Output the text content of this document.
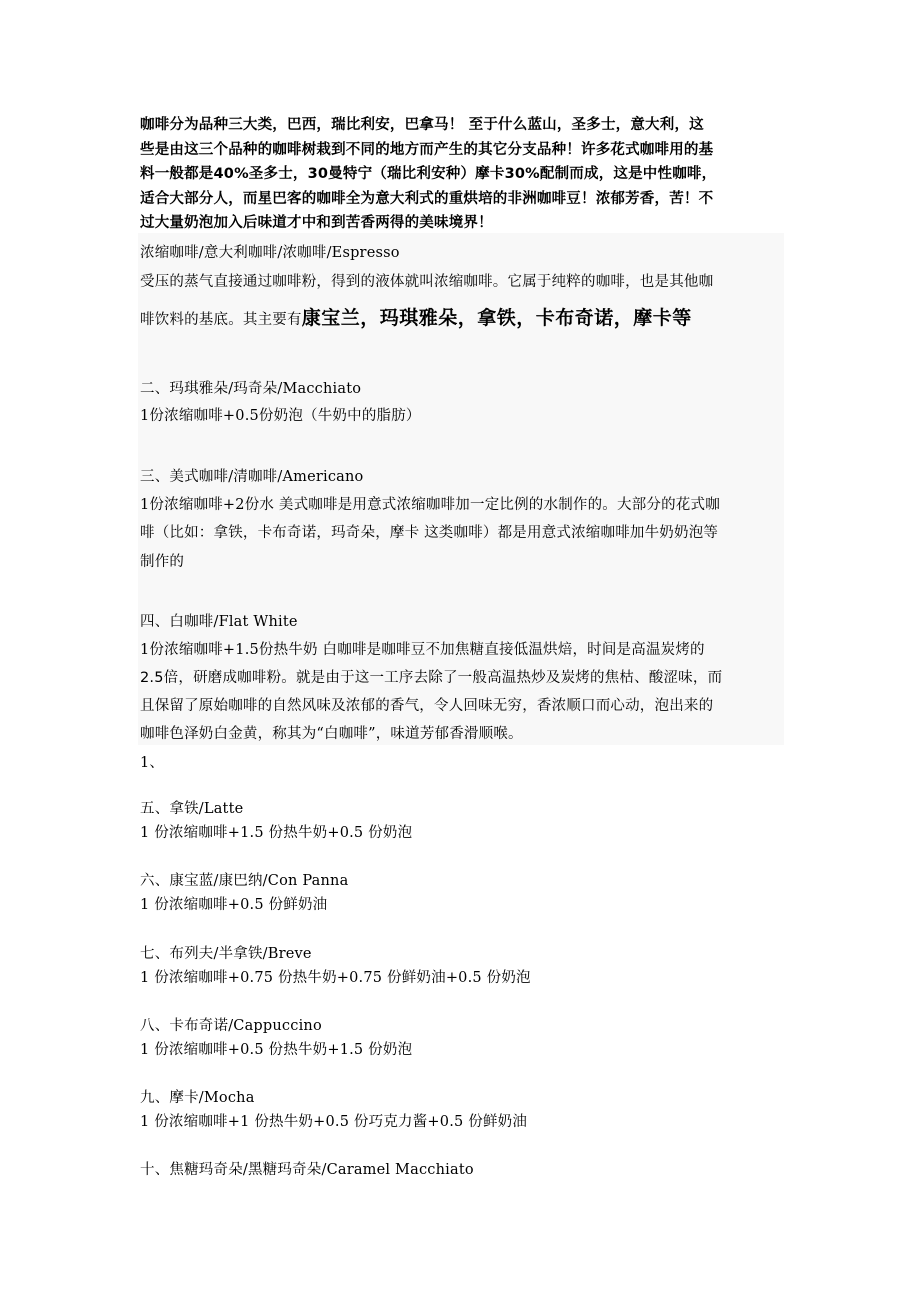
咖啡分为品种三大类，巴西，瑞比利安，巴拿马！ 至于什么蓝山，圣多士，意大利，这

些是由这三个品种的咖啡树栽到不同的地方而产生的其它分支品种！许多花式咖啡用的基

料一般都是40%圣多士，30曼特宁（瑞比利安种）摩卡30%配制而成，这是中性咖啡，

适合大部分人，而星巴客的咖啡全为意大利式的重烘培的非洲咖啡豆！浓郁芳香，苦！不

过大量奶泡加入后味道才中和到苦香两得的美味境界！

浓缩咖啡/意大利咖啡/浓咖啡/Espresso
受压的蒸气直接通过咖啡粉，得到的液体就叫浓缩咖啡。它属于纯粹的咖啡，也是其他咖
啡饮料的基底。其主要有康宝兰，玛琪雅朵，拿铁，卡布奇诺，摩卡等
二、玛琪雅朵/玛奇朵/Macchiato
1份浓缩咖啡+0.5份奶泡（牛奶中的脂肪）
三、美式咖啡/清咖啡/Americano
1份浓缩咖啡+2份水 美式咖啡是用意式浓缩咖啡加一定比例的水制作的。大部分的花式咖
啡（比如：拿铁，卡布奇诺，玛奇朵，摩卡 这类咖啡）都是用意式浓缩咖啡加牛奶奶泡等
制作的
四、白咖啡/Flat White
1份浓缩咖啡+1.5份热牛奶 白咖啡是咖啡豆不加焦糖直接低温烘焙，时间是高温炭烤的
2.5倍，研磨成咖啡粉。就是由于这一工序去除了一般高温热炒及炭烤的焦枯、酸涩味，而
且保留了原始咖啡的自然风味及浓郁的香气，令人回味无穷，香浓顺口而心动，泡出来的
咖啡色泽奶白金黄，称其为“白咖啡”，味道芳郁香滑顺喉。
1、
五、拿铁/Latte
1 份浓缩咖啡+1.5 份热牛奶+0.5 份奶泡
六、康宝蓝/康巴纳/Con Panna
1 份浓缩咖啡+0.5 份鲜奶油
七、布列夫/半拿铁/Breve
1 份浓缩咖啡+0.75 份热牛奶+0.75 份鲜奶油+0.5 份奶泡
八、卡布奇诺/Cappuccino
1 份浓缩咖啡+0.5 份热牛奶+1.5 份奶泡
九、摩卡/Mocha
1 份浓缩咖啡+1 份热牛奶+0.5 份巧克力酱+0.5 份鲜奶油
十、焦糖玛奇朵/黑糖玛奇朵/Caramel Macchiato
